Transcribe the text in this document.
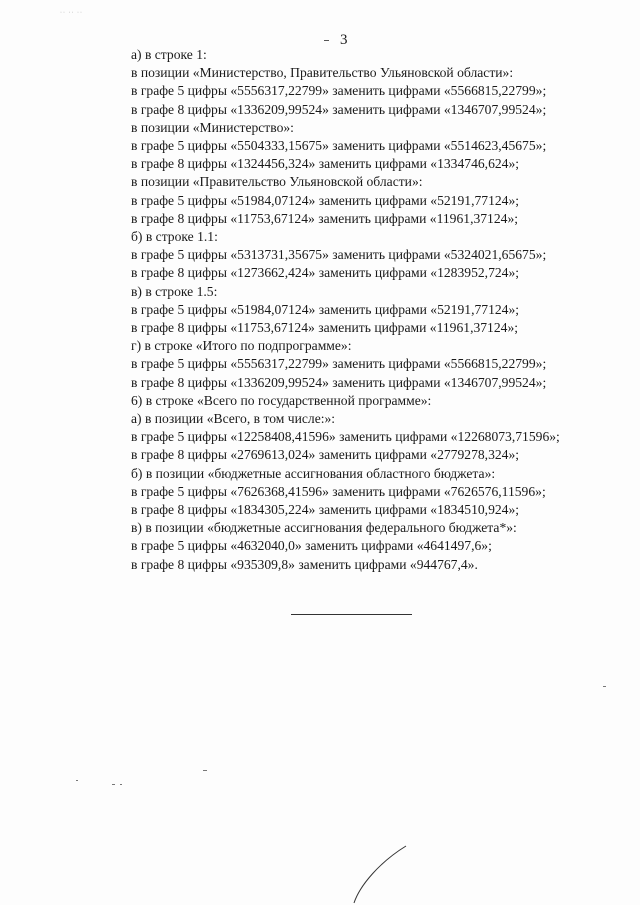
·· ·· ··
3
а) в строке 1:
в позиции «Министерство, Правительство Ульяновской области»:
в графе 5 цифры «5556317,22799» заменить цифрами «5566815,22799»;
в графе 8 цифры «1336209,99524» заменить цифрами «1346707,99524»;
в позиции «Министерство»:
в графе 5 цифры «5504333,15675» заменить цифрами «5514623,45675»;
в графе 8 цифры «1324456,324» заменить цифрами «1334746,624»;
в позиции «Правительство Ульяновской области»:
в графе 5 цифры «51984,07124» заменить цифрами «52191,77124»;
в графе 8 цифры «11753,67124» заменить цифрами «11961,37124»;
б) в строке 1.1:
в графе 5 цифры «5313731,35675» заменить цифрами «5324021,65675»;
в графе 8 цифры «1273662,424» заменить цифрами «1283952,724»;
в) в строке 1.5:
в графе 5 цифры «51984,07124» заменить цифрами «52191,77124»;
в графе 8 цифры «11753,67124» заменить цифрами «11961,37124»;
г) в строке «Итого по подпрограмме»:
в графе 5 цифры «5556317,22799» заменить цифрами «5566815,22799»;
в графе 8 цифры «1336209,99524» заменить цифрами «1346707,99524»;
6) в строке «Всего по государственной программе»:
а) в позиции «Всего, в том числе:»:
в графе 5 цифры «12258408,41596» заменить цифрами «12268073,71596»;
в графе 8 цифры «2769613,024» заменить цифрами «2779278,324»;
б) в позиции «бюджетные ассигнования областного бюджета»:
в графе 5 цифры «7626368,41596» заменить цифрами «7626576,11596»;
в графе 8 цифры «1834305,224» заменить цифрами «1834510,924»;
в) в позиции «бюджетные ассигнования федерального бюджета*»:
в графе 5 цифры «4632040,0» заменить цифрами «4641497,6»;
в графе 8 цифры «935309,8» заменить цифрами «944767,4».
